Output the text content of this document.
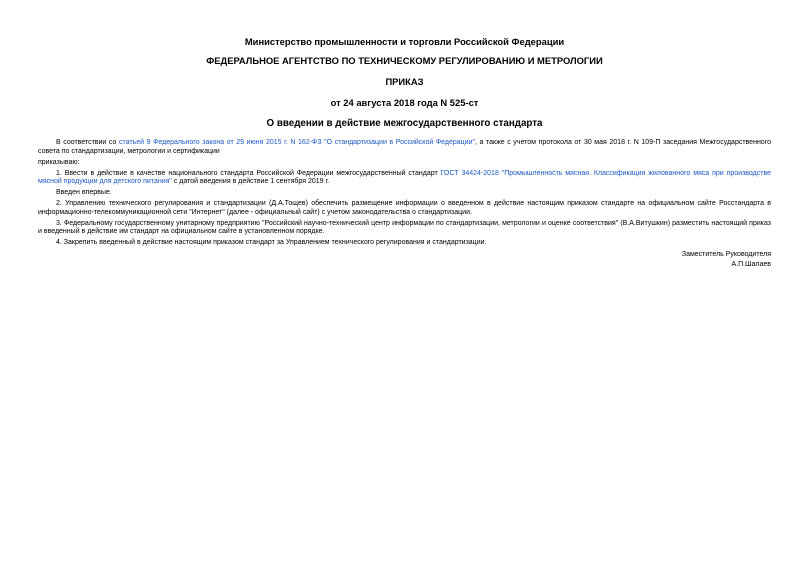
Министерство промышленности и торговли Российской Федерации
ФЕДЕРАЛЬНОЕ АГЕНТСТВО ПО ТЕХНИЧЕСКОМУ РЕГУЛИРОВАНИЮ И МЕТРОЛОГИИ
ПРИКАЗ
от 24 августа 2018 года N 525-ст
О введении в действие межгосударственного стандарта

В соответствии со статьей 9 Федерального закона от 29 июня 2015 г. N 162-ФЗ "О стандартизации в Российской Федерации", а также с учетом протокола от 30 мая 2018 г. N 109-П заседания Межгосударственного совета по стандартизации, метрологии и сертификации

приказываю:

1. Ввести в действие в качестве национального стандарта Российской Федерации межгосударственный стандарт ГОСТ 34424-2018 "Промышленность мясная. Классификация жилованного мяса при производстве мясной продукции для детского питания" с датой введения в действие 1 сентября 2019 г.

Введен впервые.

2. Управлению технического регулирования и стандартизации (Д.А.Тощев) обеспечить размещение информации о введенном в действие настоящим приказом стандарте на официальном сайте Росстандарта в информационно-телекоммуникационной сети "Интернет" (далее - официальный сайт) с учетом законодательства о стандартизации.

3. Федеральному государственному унитарному предприятию "Российский научно-технический центр информации по стандартизации, метрологии и оценке соответствия" (В.А.Витушкин) разместить настоящий приказ и введенный в действие им стандарт на официальном сайте в установленном порядке.

4. Закрепить введенный в действие настоящим приказом стандарт за Управлением технического регулирования и стандартизации.

Заместитель Руководителя
А.П.Шалаев
